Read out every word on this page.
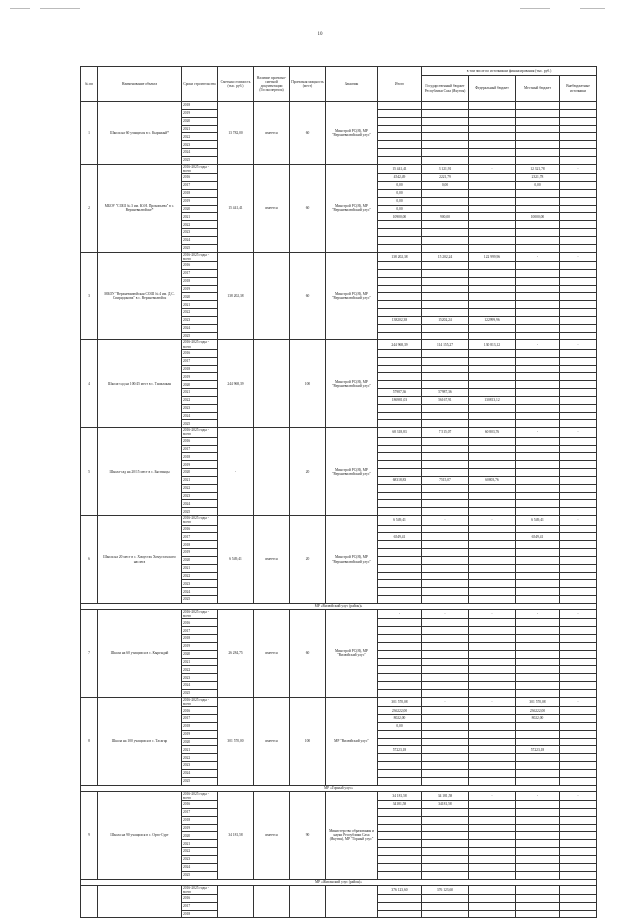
10
№ пп	Наименование объекта	Сроки строительства	Сметная стоимость (тыс. руб.)	Наличие проектно-сметной документации (Госэкспертиза)	Проектная мощность (мест)	Заказчик	Итого	в том числе по источникам финансирования (тыс. руб.)			
								Государственный бюджет Республики Саха (Якутия)	Федеральный бюджет	Местный бюджет	Внебюджетные источники
1	Школа на 60 учащихся в с. Кырыкый*	2018	13 782,00	имеется	60	Минстрой РС(Я), МР "Верхневилюйский улус"					
		2019									
		2020									
		2021									
		2022									
		2023									
		2024									
		2025									
2	МБОУ "СОШ № 3 им. Ю.Н. Прокопьева" в с. Верхневилюйске*	2016-2025 годы - всего	15 441,41	имеется	60	Минстрой РС(Я), МР "Верхневилюйский улус"	15 441,41	3 121,91	-	12 321,78	-
		2016					4542,49	2221,79		2321,78	
		2017					0,00	0,00		0,00	
		2018					0,00				
		2019					0,00				
		2020					0,00				
		2021					10900,00	900,00		10000,00	
		2022									
		2023									
		2024									
		2025									
3	МБОУ "Верхневилюйская СОШ № 4 им. Д.С. Спиридонова" в с. Верхневилюйск	2016-2025 годы - всего	138 202,38		60	Минстрой РС(Я), МР "Верхневилюйский улус"	138 202,38	15 202,24	122 999,96	-	-
		2016									
		2017									
		2018									
		2019									
		2020									
		2021									
		2022									
		2023					138202,38	15202,24	122999,96		
		2024									
		2025									
4	Школа-сад на 100/45 мест в с. Тамалакан	2016-2025 годы - всего	244 968,39		100	Минстрой РС(Я), МР "Верхневилюйский улус"	244 968,39	114 155,27	130 813,12	-	-
		2016									
		2017									
		2018									
		2019									
		2020									
		2021					57987,36	57987,36			
		2022					186981,03	56167,91	130813,12		
		2023									
		2024									
		2025									
5	Школа-сад на 20/15 мест в с. Бястинцы	2016-2025 годы - всего	-		20	Минстрой РС(Я), МР "Верхневилюйский улус"	68 318,83	7 515,07	60 803,76	-	-
		2016									
		2017									
		2018									
		2019									
		2020									
		2021					68318,83	7515,07	60803,76		
		2022									
		2023									
		2024									
		2025									
6	Школа на 20 мест в с. Хомустах Хомустахского наслега	2016-2025 годы - всего	6 549,41	имеется	20	Минстрой РС(Я), МР "Верхневилюйский улус"	6 549,41	-	-	6 549,41	-
		2016									
		2017					6549,41			6549,41	
		2018									
		2019									
		2020									
		2021									
		2022									
		2023									
		2024									
		2025									
МР «Вилюйский улус (район)»											
7	Школа на 60 учащихся в с. Кыргыдай	2016-2025 годы - всего	26 284,75	имеется	60	Минстрой РС(Я), МР "Вилюйский улус"	-	-	-	-	-
		2016									
		2017									
		2018									
		2019									
		2020									
		2021									
		2022									
		2023									
		2024									
		2025									
8	Школа на 100 учащихся в с. Тасагар	2016-2025 годы - всего	301 570,00	имеется	100	МР "Вилюйский улус"	301 570,08	-	-	301 570,08	-
		2016					236222,00			236222,00	
		2017					8022,00			8022,00	
		2018					0,00				
		2019									
		2020									
		2021					57223,18			57223,18	
		2022									
		2023									
		2024									
		2025									
МР «Горный улус»											
9	Школа на 90 учащихся в с. Орто-Сурт	2016-2025 годы - всего	34 181,58	имеется	90	Министерство образования и науки Республики Саха (Якутия), МР "Горный улус"	34 181,58	34 181,58	-	-	-
		2016					34181,58	34181,58			
		2017									
		2018									
		2019									
		2020									
		2021									
		2022									
		2023									
		2024									
		2025									
МР «Жиганский улус (район)»											
		2016-2025 годы - всего					376 123,60	376 123,60			
		2016									
		2017									
		2018									
